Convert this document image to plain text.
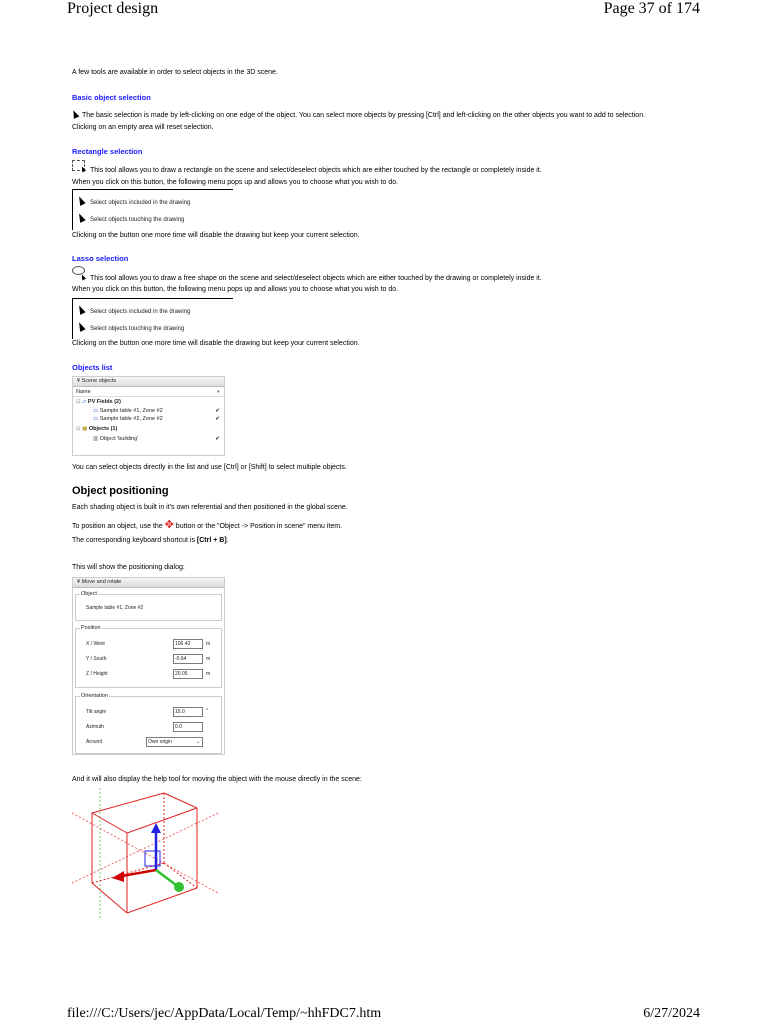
Project design	Page 37 of 174
A few tools are available in order to select objects in the 3D scene.
Basic object selection
The basic selection is made by left-clicking on one edge of the object. You can select more objects by pressing [Ctrl] and left-clicking on the other objects you want to add to selection.
Clicking on an empty area will reset selection.
Rectangle selection
This tool allows you to draw a rectangle on the scene and select/deselect objects which are either touched by the rectangle or completely inside it.
When you click on this button, the following menu pops up and allows you to choose what you wish to do.
Select objects included in the drawing
Select objects touching the drawing
Clicking on the button one more time will disable the drawing but keep your current selection.
Lasso selection
This tool allows you to draw a free shape on the scene and select/deselect objects which are either touched by the drawing or completely inside it.
When you click on this button, the following menu pops up and allows you to choose what you wish to do.
Select objects included in the drawing
Select objects touching the drawing
Clicking on the button one more time will disable the drawing but keep your current selection.
Objects list
¥ Scene objects
Name	●
⊟ ▱ PV Fields (2)
▭ Sample table #1, Zone #2	✔
▭ Sample table #2, Zone #2	✔
⊟ ▦ Objects (1)
▥ Object 'building'	✔
You can select objects directly in the list and use [Ctrl] or [Shift] to select multiple objects.
Object positioning
Each shading object is built in it's own referential and then positioned in the global scene.
To position an object, use the ✥ button or the "Object -> Position in scene" menu item.
The corresponding keyboard shortcut is [Ctrl + B].
This will show the positioning dialog:
¥ Move and rotate
Object
Sample table #1, Zone #2
Position
X / West	106.43	m
Y / South	-0.64	m
Z / Height	20.05	m
Orientation
Tilt angle	15.0	°
Azimuth	0.0
Around	Own origin	⌄
And it will also display the help tool for moving the object with the mouse directly in the scene:
file:///C:/Users/jec/AppData/Local/Temp/~hhFDC7.htm	6/27/2024
